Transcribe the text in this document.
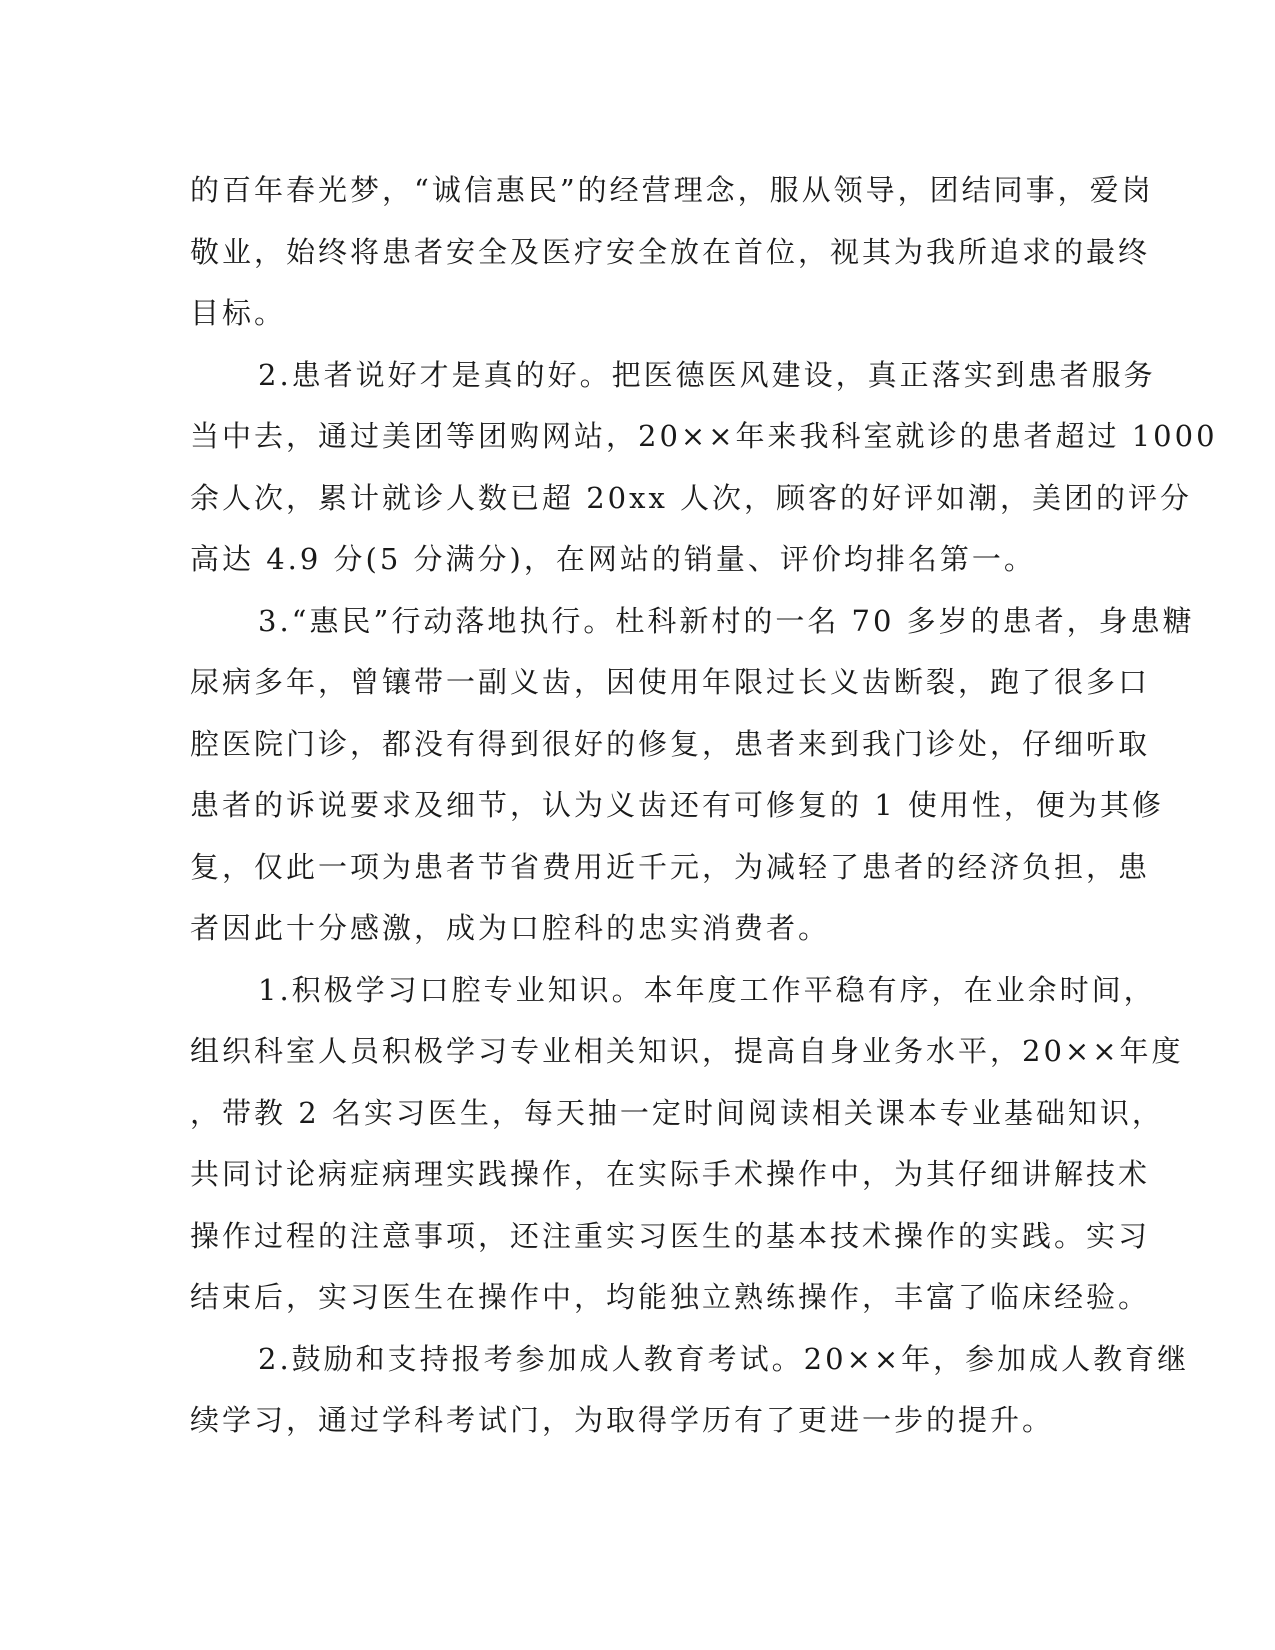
的百年春光梦，“诚信惠民”的经营理念，服从领导，团结同事，爱岗
敬业，始终将患者安全及医疗安全放在首位，视其为我所追求的最终
目标。
2.患者说好才是真的好。把医德医风建设，真正落实到患者服务
当中去，通过美团等团购网站，20××年来我科室就诊的患者超过 1000
余人次，累计就诊人数已超 20xx 人次，顾客的好评如潮，美团的评分
高达 4.9 分(5 分满分)，在网站的销量、评价均排名第一。
3.“惠民”行动落地执行。杜科新村的一名 70 多岁的患者，身患糖
尿病多年，曾镶带一副义齿，因使用年限过长义齿断裂，跑了很多口
腔医院门诊，都没有得到很好的修复，患者来到我门诊处，仔细听取
患者的诉说要求及细节，认为义齿还有可修复的 1 使用性，便为其修
复，仅此一项为患者节省费用近千元，为减轻了患者的经济负担，患
者因此十分感激，成为口腔科的忠实消费者。
1.积极学习口腔专业知识。本年度工作平稳有序，在业余时间，
组织科室人员积极学习专业相关知识，提高自身业务水平，20××年度
，带教 2 名实习医生，每天抽一定时间阅读相关课本专业基础知识，
共同讨论病症病理实践操作，在实际手术操作中，为其仔细讲解技术
操作过程的注意事项，还注重实习医生的基本技术操作的实践。实习
结束后，实习医生在操作中，均能独立熟练操作，丰富了临床经验。
2.鼓励和支持报考参加成人教育考试。20××年，参加成人教育继
续学习，通过学科考试门，为取得学历有了更进一步的提升。
